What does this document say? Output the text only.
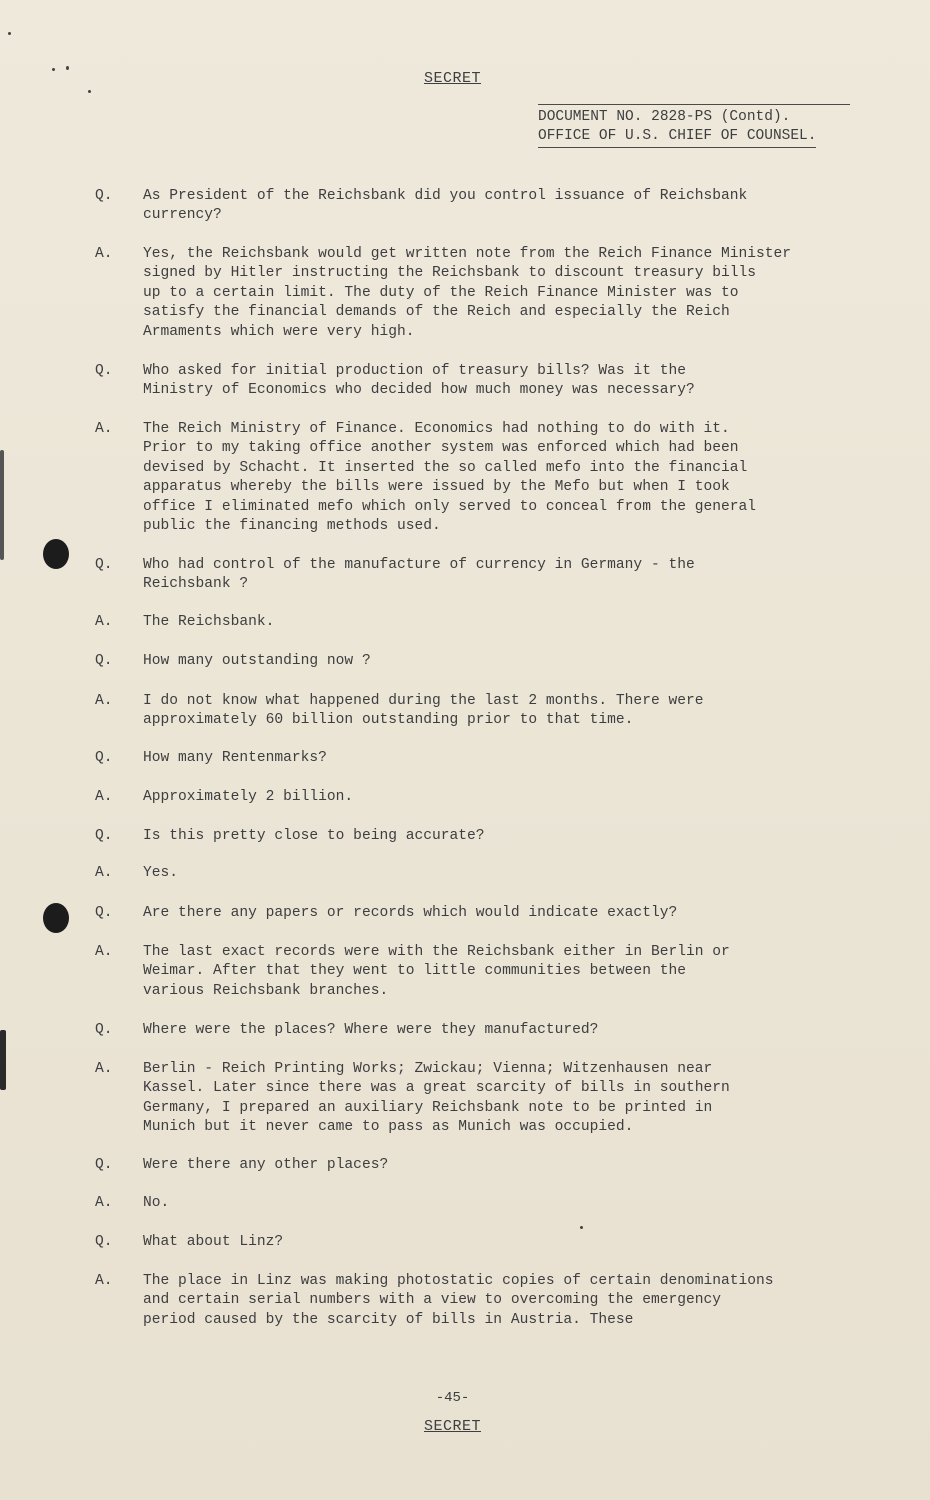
SECRET
DOCUMENT NO. 2828-PS (Contd).
OFFICE OF U.S. CHIEF OF COUNSEL.
Q.	As President of the Reichsbank did you control issuance of Reichsbank
currency?
A.	Yes, the Reichsbank would get written note from the Reich Finance Minister
signed by Hitler instructing the Reichsbank to discount treasury bills
up to a certain limit. The duty of the Reich Finance Minister was to
satisfy the financial demands of the Reich and especially the Reich
Armaments which were very high.
Q.	Who asked for initial production of treasury bills? Was it the
Ministry of Economics who decided how much money was necessary?
A.	The Reich Ministry of Finance. Economics had nothing to do with it.
Prior to my taking office another system was enforced which had been
devised by Schacht. It inserted the so called mefo into the financial
apparatus whereby the bills were issued by the Mefo but when I took
office I eliminated mefo which only served to conceal from the general
public the financing methods used.
Q.	Who had control of the manufacture of currency in Germany - the
Reichsbank ?
A.	The Reichsbank.
Q.	How many outstanding now ?
A.	I do not know what happened during the last 2 months. There were
approximately 60 billion outstanding prior to that time.
Q.	How many Rentenmarks?
A.	Approximately 2 billion.
Q.	Is this pretty close to being accurate?
A.	Yes.
Q.	Are there any papers or records which would indicate exactly?
A.	The last exact records were with the Reichsbank either in Berlin or
Weimar. After that they went to little communities between the
various Reichsbank branches.
Q.	Where were the places? Where were they manufactured?
A.	Berlin - Reich Printing Works; Zwickau; Vienna; Witzenhausen near
Kassel. Later since there was a great scarcity of bills in southern
Germany, I prepared an auxiliary Reichsbank note to be printed in
Munich but it never came to pass as Munich was occupied.
Q.	Were there any other places?
A.	No.
Q.	What about Linz?
A.	The place in Linz was making photostatic copies of certain denominations
and certain serial numbers with a view to overcoming the emergency
period caused by the scarcity of bills in Austria. These
-45-
SECRET
